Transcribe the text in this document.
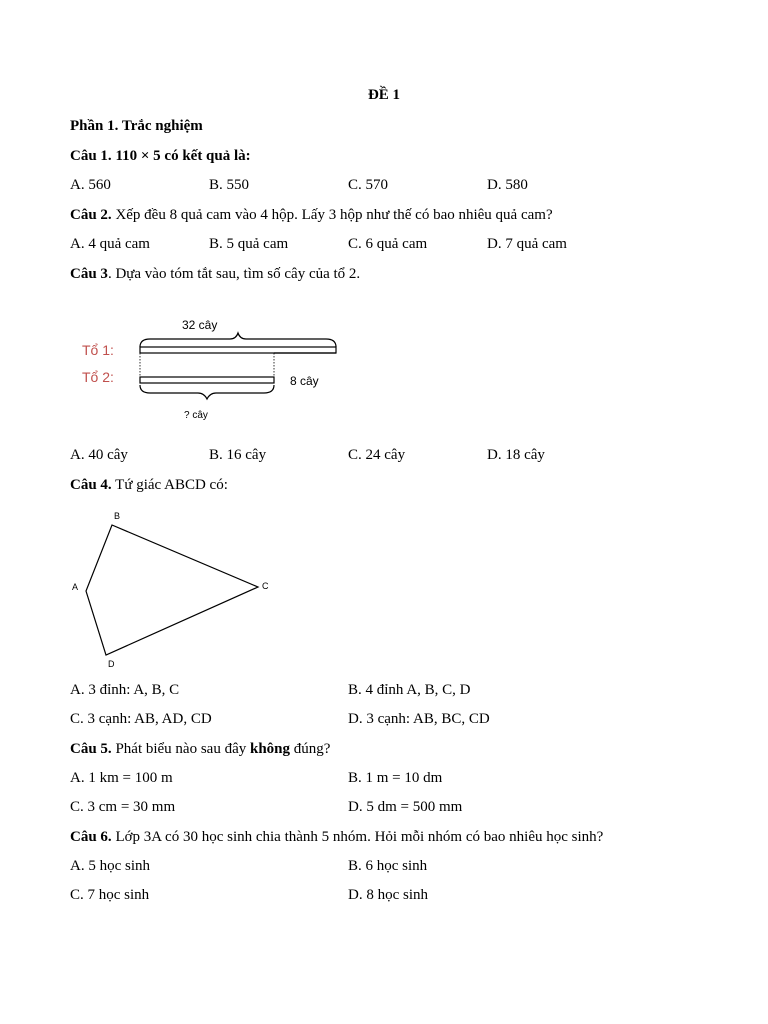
ĐỀ 1
Phần 1. Trắc nghiệm
Câu 1. 110 × 5 có kết quả là:
A. 560	B. 550	C. 570	D. 580
Câu 2. Xếp đều 8 quả cam vào 4 hộp. Lấy 3 hộp như thế có bao nhiêu quả cam?
A. 4 quả cam	B. 5 quả cam	C. 6 quả cam	D. 7 quả cam
Câu 3. Dựa vào tóm tắt sau, tìm số cây của tổ 2.
32 cây
Tổ 1:
Tổ 2:	8 cây
? cây
A. 40 cây	B. 16 cây	C. 24 cây	D. 18 cây
Câu 4. Tứ giác ABCD có:
B
C
A
D
A. 3 đỉnh: A, B, C	B. 4 đỉnh A, B, C, D
C. 3 cạnh: AB, AD, CD	D. 3 cạnh: AB, BC, CD
Câu 5. Phát biểu nào sau đây không đúng?
A. 1 km = 100 m	B. 1 m = 10 dm
C. 3 cm = 30 mm	D. 5 dm = 500 mm
Câu 6. Lớp 3A có 30 học sinh chia thành 5 nhóm. Hỏi mỗi nhóm có bao nhiêu học sinh?
A. 5 học sinh	B. 6 học sinh
C. 7 học sinh	D. 8 học sinh
